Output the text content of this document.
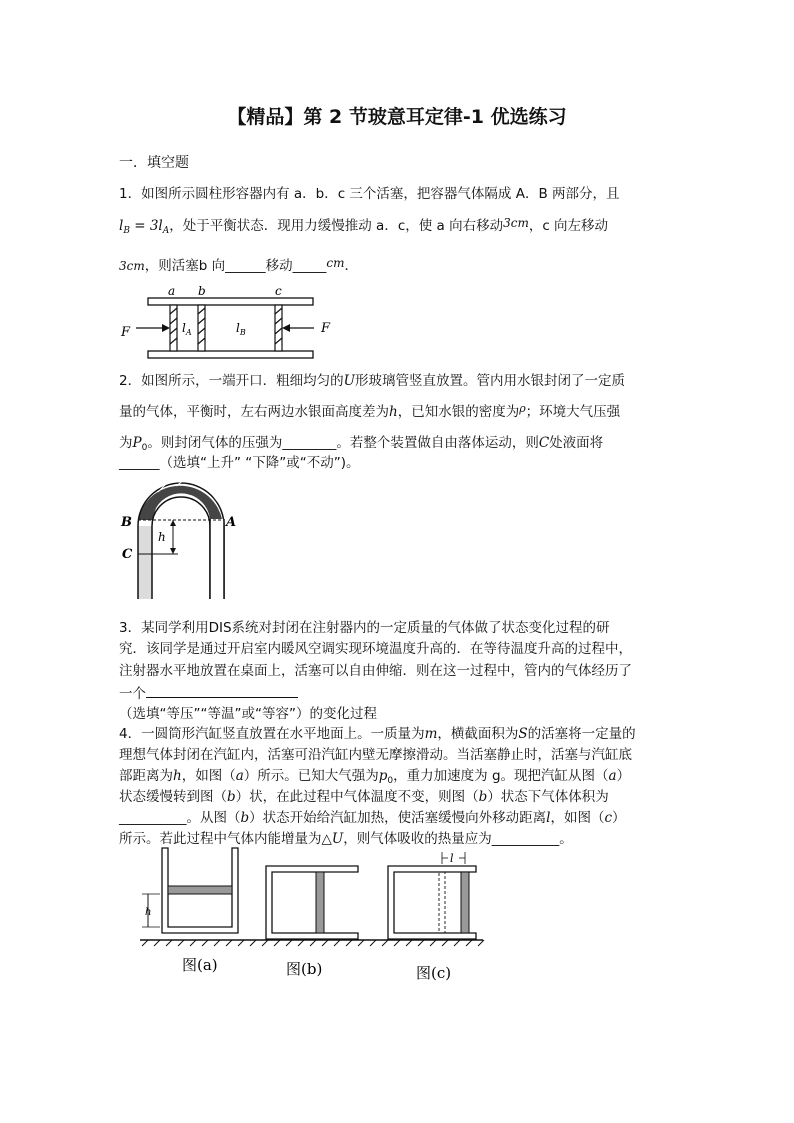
【精品】第 2 节玻意耳定律-1 优选练习
一．填空题
1．如图所示圆柱形容器内有 a．b．c 三个活塞，把容器气体隔成 A．B 两部分，且
$l_B = 3l_A$，处于平衡状态．现用力缓慢推动 a．c，使 a 向右移动3cm，c 向左移动
3cm，则活塞b 向______移动_____cm．
a b	c
$l_A$	$l_B$
F	F
2．如图所示，一端开口．粗细均匀的U形玻璃管竖直放置。管内用水银封闭了一定质
量的气体，平衡时，左右两边水银面高度差为h，已知水银的密度为$^\rho$；环境大气压强
为$P_0$。则封闭气体的压强为________。若整个装置做自由落体运动，则C处液面将
______（选填“上升” “下降”或“不动”)。
B	A
C
h
3．某同学利用DIS系统对封闭在注射器内的一定质量的气体做了状态变化过程的研
究．该同学是通过开启室内暖风空调实现环境温度升高的．在等待温度升高的过程中，
注射器水平地放置在桌面上，活塞可以自由伸缩．则在这一过程中，管内的气体经历了
一个
（选填“等压”“等温”或“等容”）的变化过程
4．一圆筒形汽缸竖直放置在水平地面上。一质量为m，横截面积为S的活塞将一定量的
理想气体封闭在汽缸内，活塞可沿汽缸内壁无摩擦滑动。当活塞静止时，活塞与汽缸底
部距离为h，如图（a）所示。已知大气强为$p_0$，重力加速度为 g。现把汽缸从图（a）
状态缓慢转到图（b）状，在此过程中气体温度不变，则图（b）状态下气体体积为
__________。从图（b）状态开始给汽缸加热，使活塞缓慢向外移动距离l，如图（c）
所示。若此过程中气体内能增量为△U，则气体吸收的热量应为__________。
h
l
图(a)	图(b)	图(c)
